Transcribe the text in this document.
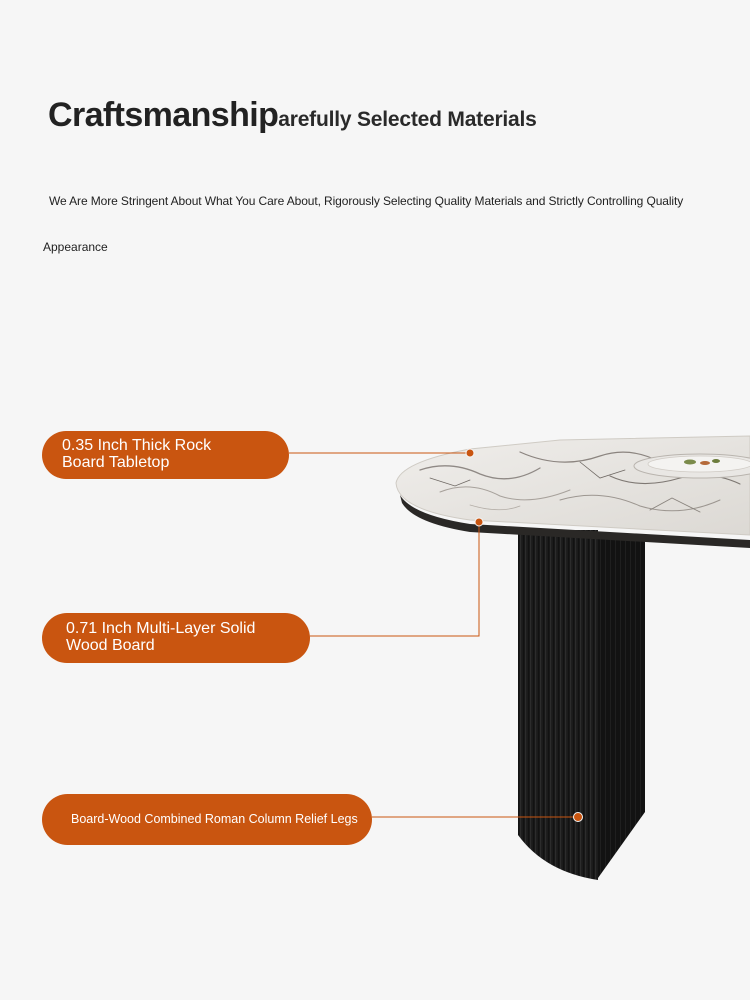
Craftsmanshiparefully Selected Materials
We Are More Stringent About What You Care About, Rigorously Selecting Quality Materials and Strictly Controlling Quality
Appearance
0.35 Inch Thick Rock
Board Tabletop
0.71 Inch Multi-Layer Solid
Wood Board
Board-Wood Combined Roman Column Relief Legs
